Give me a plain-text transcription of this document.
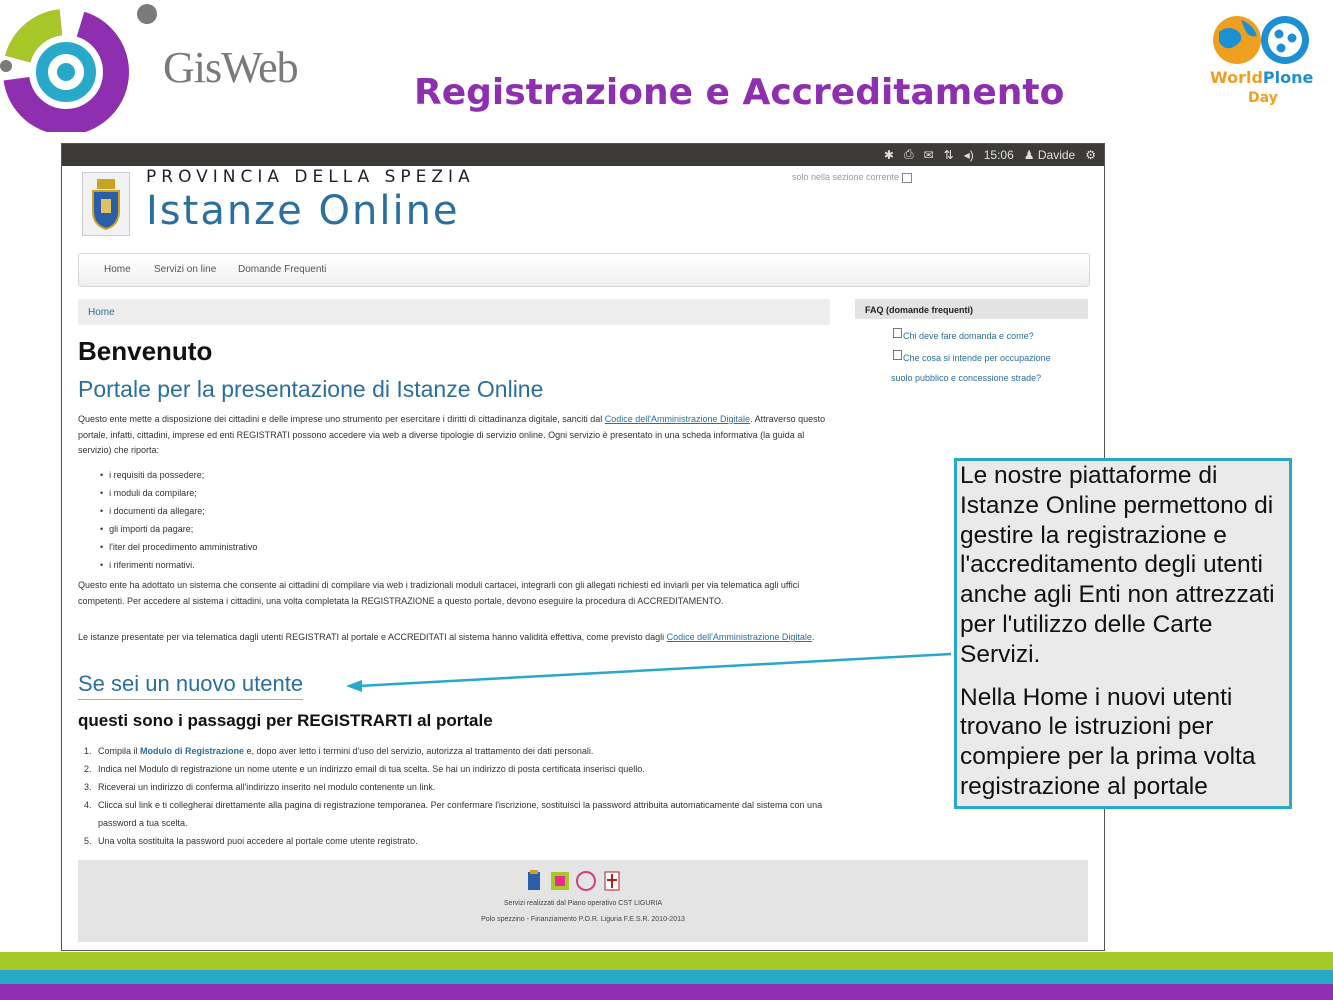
GisWeb
Registrazione e Accreditamento	WorldPlone
Day
✱ ⎙ ✉ ⇅ ◂) 15:06 ♟ Davide ⚙
PROVINCIA DELLA SPEZIA
Istanze Online
solo nella sezione corrente
Home Servizi on line Domande Frequenti
Home	FAQ (domande frequenti)
Chi deve fare domanda e come?
Che cosa si intende per occupazione suolo pubblico e concessione strade?
Benvenuto
Portale per la presentazione di Istanze Online
Questo ente mette a disposizione dei cittadini e delle imprese uno strumento per esercitare i diritti di cittadinanza digitale, sanciti dal Codice dell'Amministrazione Digitale. Attraverso questo portale, infatti, cittadini, imprese ed enti REGISTRATI possono accedere via web a diverse tipologie di servizio online. Ogni servizio è presentato in una scheda informativa (la guida al servizio) che riporta:
• i requisiti da possedere;
• i moduli da compilare;
• i documenti da allegare;
• gli importi da pagare;
• l'iter del procedimento amministrativo
• i riferimenti normativi.
Questo ente ha adottato un sistema che consente ai cittadini di compilare via web i tradizionali moduli cartacei, integrarli con gli allegati richiesti ed inviarli per via telematica agli uffici competenti. Per accedere al sistema i cittadini, una volta completata la REGISTRAZIONE a questo portale, devono eseguire la procedura di ACCREDITAMENTO.
Le istanze presentate per via telematica dagli utenti REGISTRATI al portale e ACCREDITATI al sistema hanno validità effettiva, come previsto dagli Codice dell'Amministrazione Digitale.
Se sei un nuovo utente
questi sono i passaggi per REGISTRARTI al portale
1. Compila il Modulo di Registrazione e, dopo aver letto i termini d'uso del servizio, autorizza al trattamento dei dati personali.
2. Indica nel Modulo di registrazione un nome utente e un indirizzo email di tua scelta. Se hai un indirizzo di posta certificata inserisci quello.
3. Riceverai un indirizzo di conferma all'indirizzo inserito nel modulo contenente un link.
4. Clicca sul link e ti collegherai direttamente alla pagina di registrazione temporanea. Per confermare l'iscrizione, sostituisci la password attribuita automaticamente dal sistema con una password a tua scelta.
5. Una volta sostituita la password puoi accedere al portale come utente registrato.
Servizi realizzati dal Piano operativo CST LIGURIA
Polo spezzino - Finanziamento P.O.R. Liguria F.E.S.R. 2010-2013

Le nostre piattaforme di Istanze Online permettono di gestire la registrazione e l'accreditamento degli utenti anche agli Enti non attrezzati per l'utilizzo delle Carte Servizi.

Nella Home i nuovi utenti trovano le istruzioni per compiere per la prima volta registrazione al portale
